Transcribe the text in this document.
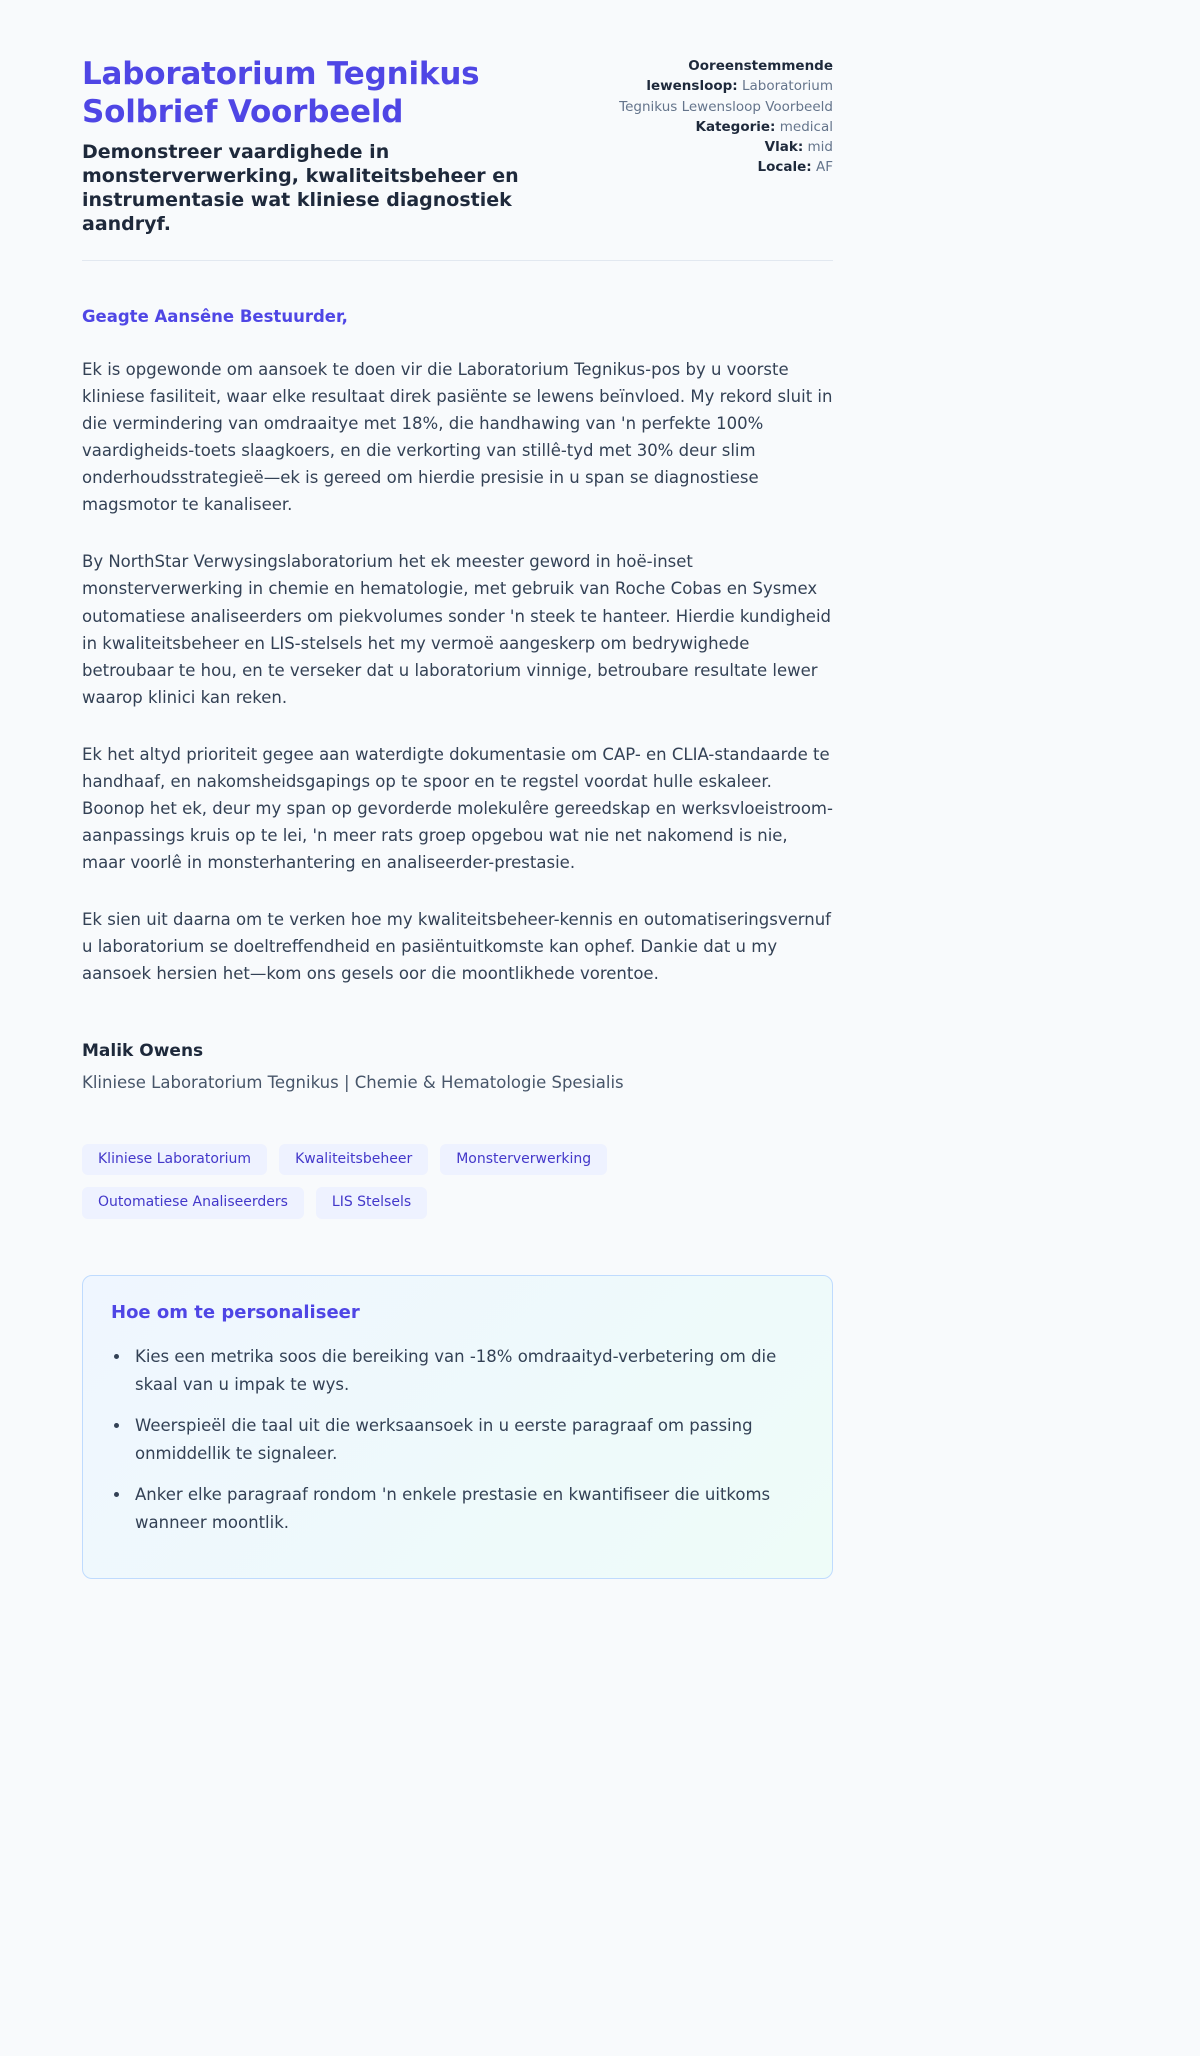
Laboratorium Tegnikus Solbrief Voorbeeld

Demonstreer vaardighede in monsterverwerking, kwaliteitsbeheer en instrumentasie wat kliniese diagnostiek aandryf.

Ooreenstemmende lewensloop: Laboratorium Tegnikus Lewensloop Voorbeeld
Kategorie: medical
Vlak: mid
Locale: AF

Geagte Aansêne Bestuurder,

Ek is opgewonde om aansoek te doen vir die Laboratorium Tegnikus-pos by u voorste kliniese fasiliteit, waar elke resultaat direk pasiënte se lewens beïnvloed. My rekord sluit in die vermindering van omdraaitye met 18%, die handhawing van 'n perfekte 100% vaardigheids-toets slaagkoers, en die verkorting van stillê-tyd met 30% deur slim onderhoudsstrategieë—ek is gereed om hierdie presisie in u span se diagnostiese magsmotor te kanaliseer.

By NorthStar Verwysingslaboratorium het ek meester geword in hoë-inset monsterverwerking in chemie en hematologie, met gebruik van Roche Cobas en Sysmex outomatiese analiseerders om piekvolumes sonder 'n steek te hanteer. Hierdie kundigheid in kwaliteitsbeheer en LIS-stelsels het my vermoë aangeskerp om bedrywighede betroubaar te hou, en te verseker dat u laboratorium vinnige, betroubare resultate lewer waarop klinici kan reken.

Ek het altyd prioriteit gegee aan waterdigte dokumentasie om CAP- en CLIA-standaarde te handhaaf, en nakomsheidsgapings op te spoor en te regstel voordat hulle eskaleer. Boonop het ek, deur my span op gevorderde molekulêre gereedskap en werksvloeistroom-aanpassings kruis op te lei, 'n meer rats groep opgebou wat nie net nakomend is nie, maar voorlê in monsterhantering en analiseerder-prestasie.

Ek sien uit daarna om te verken hoe my kwaliteitsbeheer-kennis en outomatiseringsvernuf u laboratorium se doeltreffendheid en pasiëntuitkomste kan ophef. Dankie dat u my aansoek hersien het—kom ons gesels oor die moontlikhede vorentoe.

Malik Owens

Kliniese Laboratorium Tegnikus | Chemie & Hematologie Spesialis

Kliniese Laboratorium	Kwaliteitsbeheer	Monsterverwerking
Outomatiese Analiseerders	LIS Stelsels
Hoe om te personaliseer
• Kies een metrika soos die bereiking van -18% omdraaityd-verbetering om die skaal van u impak te wys.
• Weerspieël die taal uit die werksaansoek in u eerste paragraaf om passing onmiddellik te signaleer.
• Anker elke paragraaf rondom 'n enkele prestasie en kwantifiseer die uitkoms wanneer moontlik.
